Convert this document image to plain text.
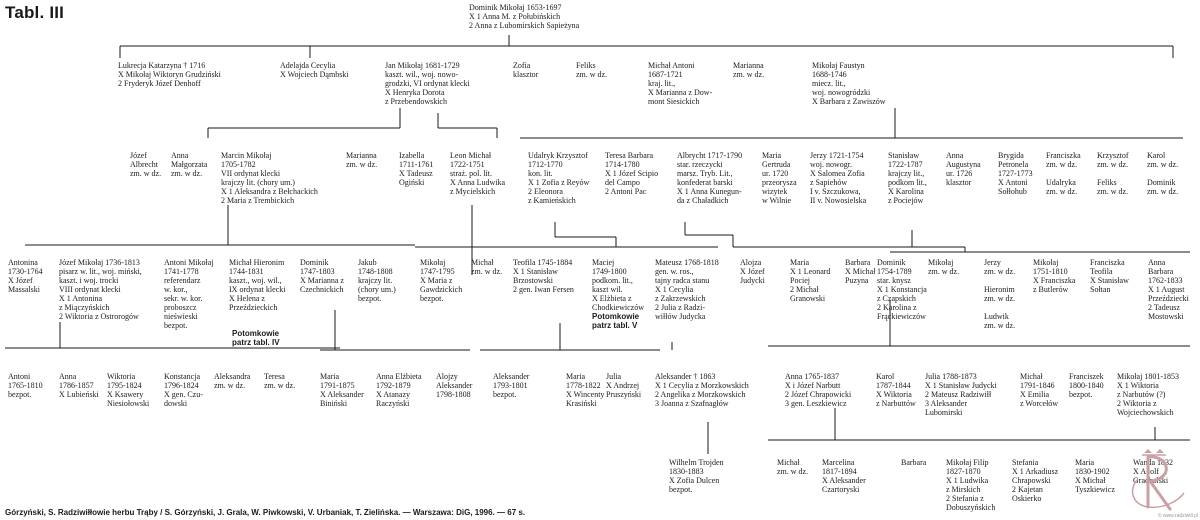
Tabl. III	Dominik Mikołaj 1653-1697
X 1 Anna M. z Połubińskich
2 Anna z Lubomirskich Sapieżyna
Lukrecja Katarzyna † 1716
X Mikołaj Wiktoryn Grudziński
2 Fryderyk Józef Denhoff
Adelajda Cecylia
X Wojciech Dąmbski
Jan Mikołaj 1681-1729
kaszt. wil., woj. nowo-
grodzki, VI ordynat klecki
X Henryka Dorota
z Przebendowskich
Zofia
klasztor
Feliks
zm. w dz.
Michał Antoni
1687-1721
kraj. lit.,
X Marianna z Dow-
mont Siesickich
Marianna
zm. w dz.
Mikołaj Faustyn
1688-1746
miecz. lit.,
woj. nowogródzki
X Barbara z Zawiszów
Józef
Albrecht
zm. w dz.
Anna
Małgorzata
zm. w dz.
Marcin Mikołaj
1705-1782
VII ordynat klecki
krajczy lit. (chory um.)
X 1 Aleksandra z Bełchackich
2 Maria z Trembickich
Marianna
zm. w dz.
Izabella
1711-1761
X Tadeusz
Ogiński
Leon Michał
1722-1751
straż. pol. lit.
X Anna Ludwika
z Mycielskich
Udalryk Krzysztof
1712-1770
kon. lit.
X 1 Zofia z Reyów
2 Eleonora
z Kamieńskich
Teresa Barbara
1714-1780
X 1 Józef Scipio
del Campo
2 Antoni Pac
Albrycht 1717-1790
star. rzeczycki
marsz. Tryb. Lit.,
konfederat barski
X 1 Anna Kunegun-
da z Chaładkich
Maria
Gertruda
ur. 1720
przeorysza
wizytek
w Wilnie
Jerzy 1721-1754
woj. nowogr.
X Salomea Zofia
z Sapiehów
I v. Szczukowa,
II v. Nowosielska
Stanisław
1722-1787
krajczy lit.,
podkom lit.,
X Karolina
z Pociejów
Anna
Augustyna
ur. 1726
klasztor
Brygida
Petronela
1727-1773
X Antoni
Sołłohub
Franciszka
zm. w dz.

Udalryka
zm. w dz.
Krzysztof
zm. w dz.

Feliks
zm. w dz.
Karol
zm. w dz.

Dominik
zm. w dz.
Antonina
1730-1764
X Józef
Massalski
Józef Mikołaj 1736-1813
pisarz w. lit., woj. miński,
kaszt. i woj. trocki
VIII ordynat klecki
X 1 Antonina
z Miączyńskich
2 Wiktoria z Ostrorogów
Antoni Mikołaj
1741-1778
referendarz
w. kor.,
sekr. w. kor.
proboszcz
nieświeski
bezpot.
Michał Hieronim
1744-1831
kaszt., woj. wil.,
IX ordynat klecki
X Helena z
Przeździeckich
Potomkowie
patrz tabl. IV
Dominik
1747-1803
X Marianna z
Czechnickich
Jakub
1748-1808
krajczy lit.
(chory um.)
bezpot.
Mikołaj
1747-1795
X Maria z
Gawdzickich
bezpot.
Michał
zm. w dz.
Teofila 1745-1884
X 1 Stanisław
Brzostowski
2 gen. Iwan Fersen
Maciej
1749-1800
podkom. lit.,
kaszt wil.
X Elżbieta z
Chodkiewiczów
Potomkowie
patrz tabl. V
Mateusz 1768-1818
gen. w. ros.,
tajny radca stanu
X 1 Cecylia
z Zakrzewskich
2 Julia z Radzi-
wiłłów Judycka
Alojza
X Józef
Judycki
Maria
X 1 Leonard
Pociej
2 Michał
Granowski
Barbara
X Michał
Puzyna
Dominik
1754-1789
star. knysz
X 1 Konstancja
z Czapskich
2 Karolina z
Frąckiewiczów
Mikołaj
zm. w dz.
Jerzy
zm. w dz.

Hieronim
zm. w dz.

Ludwik
zm. w dz.
Mikołaj
1751-1810
X Franciszka
z Butlerów
Franciszka
Teofila
X Stanisław
Sołtan
Anna
Barbara
1762-1833
X 1 August
Przeździecki
2 Tadeusz
Mostowski
Antoni
1765-1810
bezpot.
Anna
1786-1857
X Lubieński
Wiktoria
1795-1824
X Ksawery
Niesiołowski
Konstancja
1796-1824
X gen. Czu-
dowski
Aleksandra
zm. w dz.
Teresa
zm. w dz.
Maria
1791-1875
X Aleksander
Biniński
Anna Elżbieta
1792-1879
X Atanazy
Raczyński
Alojzy
Aleksander
1798-1808
Aleksander
1793-1801
bezpot.
Maria
1778-1822
X Wincenty
Krasiński
Julia
X Andrzej
Pruszyński
Aleksander † 1863
X 1 Cecylia z Morzkowskich
2 Angelika z Morzkowskich
3 Joanna z Szafnagłów
Anna 1765-1837
X i Józef Narbutt
2 Józef Chrapowicki
3 gen. Leszkiewicz
Karol
1787-1844
X Wiktoria
z Narbuttów
Julia 1788-1873
X 1 Stanisław Judycki
2 Mateusz Radziwiłł
3 Aleksander
Lubomirski
Michał
1791-1846
X Emilia
z Worcełów
Franciszek
1800-1840
bezpot.
Mikołaj 1801-1853
X 1 Wiktoria
z Narbutów (?)
2 Wiktoria z
Wojciechowskich
Wilhelm Trojden
1830-1883
X Zofia Dulcen
bezpot.
Michał
zm. w dz.
Marcelina
1817-1894
X Aleksander
Czartoryski
Barbara Mikołaj Filip
1827-1870
X 1 Ludwika
z Mirskich
2 Stefania z
Dobuszyńskich
Stefania
X 1 Arkadiusz
Chrapowski
2 Kajetan
Oskierko
Maria
1830-1902
X Michał
Tyszkiewicz
Wanda 1832
X Adolf
Gracholski
Górzyński, S. Radziwiłłowie herbu Trąby / S. Górzyński, J. Grala, W. Piwkowski, V. Urbaniak, T. Zielińska. — Warszawa: DiG, 1996. — 67 s.	© www.radziwill.pl
